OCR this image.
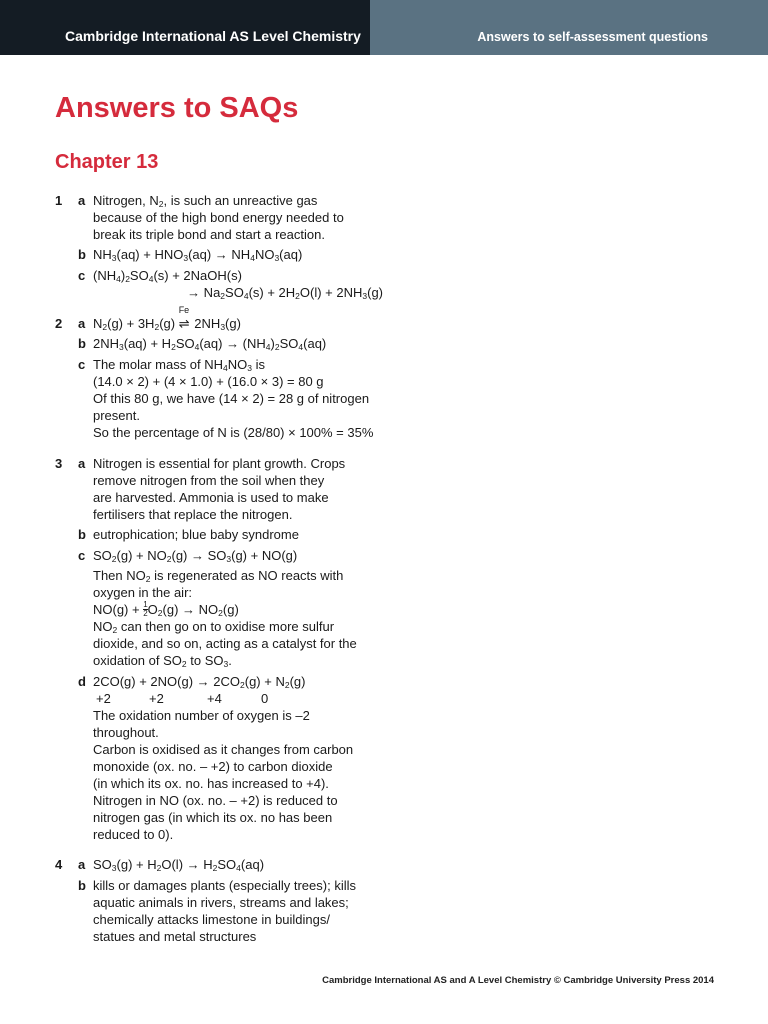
Cambridge International AS Level Chemistry	Answers to self-assessment questions
Answers to SAQs
Chapter 13
1 a Nitrogen, $N_2$, is such an unreactive gas
because of the high bond energy needed to
break its triple bond and start a reaction.
b $NH_3(aq) + HNO_3(aq) \to NH_4NO_3(aq)$
c $(NH_4)_2SO_4(s)$ + 2NaOH(s)
→ $Na_2SO_4(s) + 2H_2O(l) + 2NH_3(g)$
2 a $N_2(g) + 3H_2(g)$ ⇌
Fe
$2NH_3(g)$
b $2NH_3(aq) + H_2SO_4(aq) \to (NH_4)_2SO_4(aq)$
c The molar mass of $NH_4NO_3$ is
(14.0 × 2) + (4 × 1.0) + (16.0 × 3) = 80 g
Of this 80 g, we have (14 × 2) = 28 g of nitrogen
present.
So the percentage of N is (28/80) × 100% = 35%
3 a Nitrogen is essential for plant growth. Crops
remove nitrogen from the soil when they
are harvested. Ammonia is used to make
fertilisers that replace the nitrogen.
b eutrophication; blue baby syndrome
c $SO_2(g) + NO_2(g) \to SO_3(g) + NO(g)$
Then $NO_2$ is regenerated as NO reacts with
oxygen in the air:
$NO(g) + \frac{1}{2} O_2(g) \to NO_2(g)$
$NO_2$ can then go on to oxidise more sulfur
dioxide, and so on, acting as a catalyst for the
oxidation of $SO_2$ to $SO_3$.
d $2CO(g) + 2NO(g) \to 2CO_2(g) + N_2(g)$
+2	+2	+4	0
The oxidation number of oxygen is –2
throughout.
Carbon is oxidised as it changes from carbon
monoxide (ox. no. – +2) to carbon dioxide
(in which its ox. no. has increased to +4).
Nitrogen in NO (ox. no. – +2) is reduced to
nitrogen gas (in which its ox. no has been
reduced to 0).
4 a $SO_3(g) + H_2O(l) \to H_2SO_4(aq)$
b kills or damages plants (especially trees); kills
aquatic animals in rivers, streams and lakes;
chemically attacks limestone in buildings/
statues and metal structures
Cambridge International AS and A Level Chemistry © Cambridge University Press 2014
